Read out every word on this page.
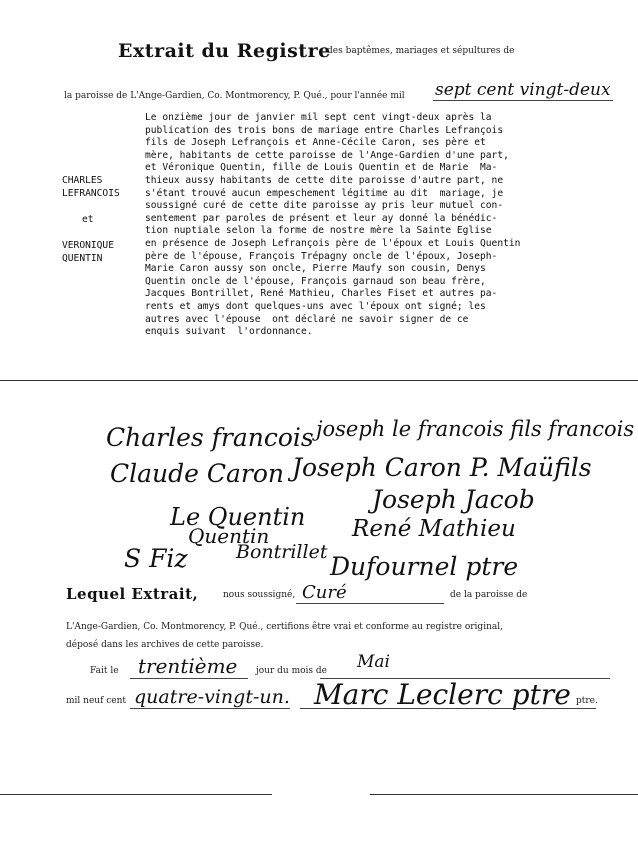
Extrait du Registre
des baptêmes, mariages et sépultures de
la paroisse de L'Ange-Gardien, Co. Montmorency, P. Qué., pour l'année mil sept cent vingt-deux
CHARLES
LEFRANCOIS
et
VERONIQUE
QUENTIN
Le onzième jour de janvier mil sept cent vingt-deux après la
publication des trois bons de mariage entre Charles Lefrançois
fils de Joseph Lefrançois et Anne-Cécile Caron, ses père et
mère, habitants de cette paroisse de l'Ange-Gardien d'une part,
et Véronique Quentin, fille de Louis Quentin et de Marie  Ma-
thieux aussy habitants de cette dite paroisse d'autre part, ne
s'étant trouvé aucun empeschement légitime au dit  mariage, je
soussigné curé de cette dite paroisse ay pris leur mutuel con-
sentement par paroles de présent et leur ay donné la bénédic-
tion nuptiale selon la forme de nostre mère la Sainte Eglise
en présence de Joseph Lefrançois père de l'époux et Louis Quentin
père de l'épouse, François Trépagny oncle de l'époux, Joseph-
Marie Caron aussy son oncle, Pierre Maufy son cousin, Denys
Quentin oncle de l'épouse, François garnaud son beau frère,
Jacques Bontrillet, René Mathieu, Charles Fiset et autres pa-
rents et amys dont quelques-uns avec l'époux ont signé; les
autres avec l'épouse  ont déclaré ne savoir signer de ce
enquis suivant  l'ordonnance.
Charles francois joseph le francois fils francois
Claude Caron Joseph Caron P. Maüfils
Joseph Jacob
Le Quentin
Quentin	René Mathieu
S Fiz	Bontrillet Dufournel ptre
Lequel Extrait,	nous soussigné, Curé	de la paroisse de
L'Ange-Gardien, Co. Montmorency, P. Qué., certifions être vrai et conforme au registre original,
déposé dans les archives de cette paroisse.
Fait le trentième jour du mois de Mai
mil neuf cent quatre-vingt-un. Marc Leclerc ptre ptre.
